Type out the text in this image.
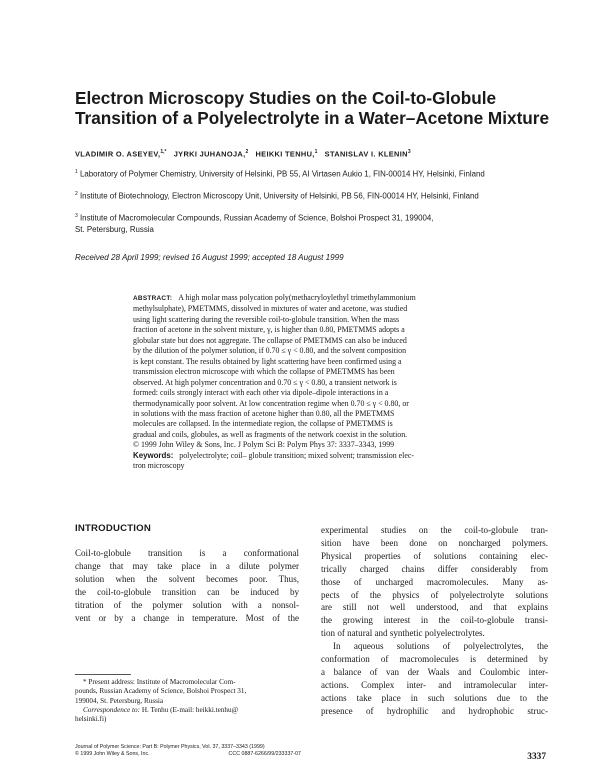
Electron Microscopy Studies on the Coil-to-Globule
Transition of a Polyelectrolyte in a Water–Acetone Mixture
VLADIMIR O. ASEYEV,$^{1,*}$ JYRKI JUHANOJA,$^2$ HEIKKI TENHU,$^1$ STANISLAV I. KLENIN$^3$
$^1$ Laboratory of Polymer Chemistry, University of Helsinki, PB 55, AI Virtasen Aukio 1, FIN-00014 HY, Helsinki, Finland
$^2$ Institute of Biotechnology, Electron Microscopy Unit, University of Helsinki, PB 56, FIN-00014 HY, Helsinki, Finland
$^3$ Institute of Macromolecular Compounds, Russian Academy of Science, Bolshoi Prospect 31, 199004,
St. Petersburg, Russia
Received 28 April 1999; revised 16 August 1999; accepted 18 August 1999
ABSTRACT: A high molar mass polycation poly(methacryloylethyl trimethylammonium
methylsulphate), PMETMMS, dissolved in mixtures of water and acetone, was studied
using light scattering during the reversible coil-to-globule transition. When the mass
fraction of acetone in the solvent mixture, γ, is higher than 0.80, PMETMMS adopts a
globular state but does not aggregate. The collapse of PMETMMS can also be induced
by the dilution of the polymer solution, if 0.70 ≤ γ < 0.80, and the solvent composition
is kept constant. The results obtained by light scattering have been confirmed using a
transmission electron microscope with which the collapse of PMETMMS has been
observed. At high polymer concentration and 0.70 ≤ γ < 0.80, a transient network is
formed: coils strongly interact with each other via dipole–dipole interactions in a
thermodynamically poor solvent. At low concentration regime when 0.70 ≤ γ < 0.80, or
in solutions with the mass fraction of acetone higher than 0.80, all the PMETMMS
molecules are collapsed. In the intermediate region, the collapse of PMETMMS is
gradual and coils, globules, as well as fragments of the network coexist in the solution.
© 1999 John Wiley & Sons, Inc. J Polym Sci B: Polym Phys 37: 3337–3343, 1999
Keywords: polyelectrolyte; coil– globule transition; mixed solvent; transmission elec-
tron microscopy
INTRODUCTION
Coil-to-globule transition is a conformational
change that may take place in a dilute polymer
solution when the solvent becomes poor. Thus,
the coil-to-globule transition can be induced by
titration of the polymer solution with a nonsol-
vent or by a change in temperature. Most of the
experimental studies on the coil-to-globule tran-
sition have been done on noncharged polymers.
Physical properties of solutions containing elec-
trically charged chains differ considerably from
those of uncharged macromolecules. Many as-
pects of the physics of polyelectrolyte solutions
are still not well understood, and that explains
the growing interest in the coil-to-globule transi-
tion of natural and synthetic polyelectrolytes.
In aqueous solutions of polyelectrolytes, the
conformation of macromolecules is determined by
a balance of van der Waals and Coulombic inter-
actions. Complex inter- and intramolecular inter-
actions take place in such solutions due to the
presence of hydrophilic and hydrophobic struc-
* Present address: Institute of Macromolecular Com-
pounds, Russian Academy of Science, Bolshoi Prospect 31,
199004, St. Petersburg, Russia
Correspondence to: H. Tenhu (E-mail: heikki.tenhu@
helsinki.fi)
Journal of Polymer Science: Part B: Polymer Physics, Vol. 37, 3337–3343 (1999)
© 1999 John Wiley & Sons, Inc.	CCC 0887-6266/99/233337-07	3337
